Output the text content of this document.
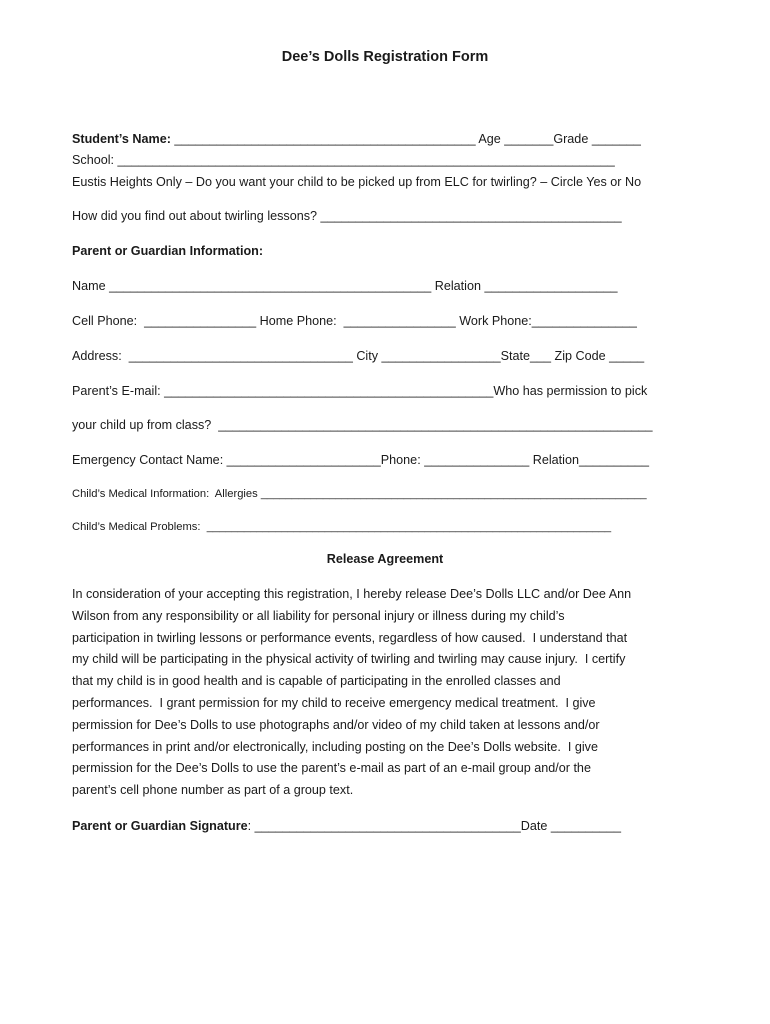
Dee’s Dolls Registration Form
Student’s Name: ___________________________________________ Age _______Grade _______
School: _______________________________________________________________________
Eustis Heights Only – Do you want your child to be picked up from ELC for twirling? – Circle Yes or No
How did you find out about twirling lessons? ___________________________________________
Parent or Guardian Information:
Name ______________________________________________ Relation ___________________
Cell Phone:  ________________ Home Phone:  ________________ Work Phone:_______________
Address:  ________________________________ City _________________State___ Zip Code _____
Parent’s E-mail: _______________________________________________Who has permission to pick
your child up from class?  ______________________________________________________________
Emergency Contact Name: ______________________Phone: _______________ Relation__________
Child’s Medical Information:  Allergies ______________________________________________________________
Child’s Medical Problems:  _________________________________________________________________
Release Agreement
In consideration of your accepting this registration, I hereby release Dee’s Dolls LLC and/or Dee Ann
Wilson from any responsibility or all liability for personal injury or illness during my child’s
participation in twirling lessons or performance events, regardless of how caused.  I understand that
my child will be participating in the physical activity of twirling and twirling may cause injury.  I certify
that my child is in good health and is capable of participating in the enrolled classes and
performances.  I grant permission for my child to receive emergency medical treatment.  I give
permission for Dee’s Dolls to use photographs and/or video of my child taken at lessons and/or
performances in print and/or electronically, including posting on the Dee’s Dolls website.  I give
permission for the Dee’s Dolls to use the parent’s e-mail as part of an e-mail group and/or the
parent’s cell phone number as part of a group text.
Parent or Guardian Signature: ______________________________________Date __________
